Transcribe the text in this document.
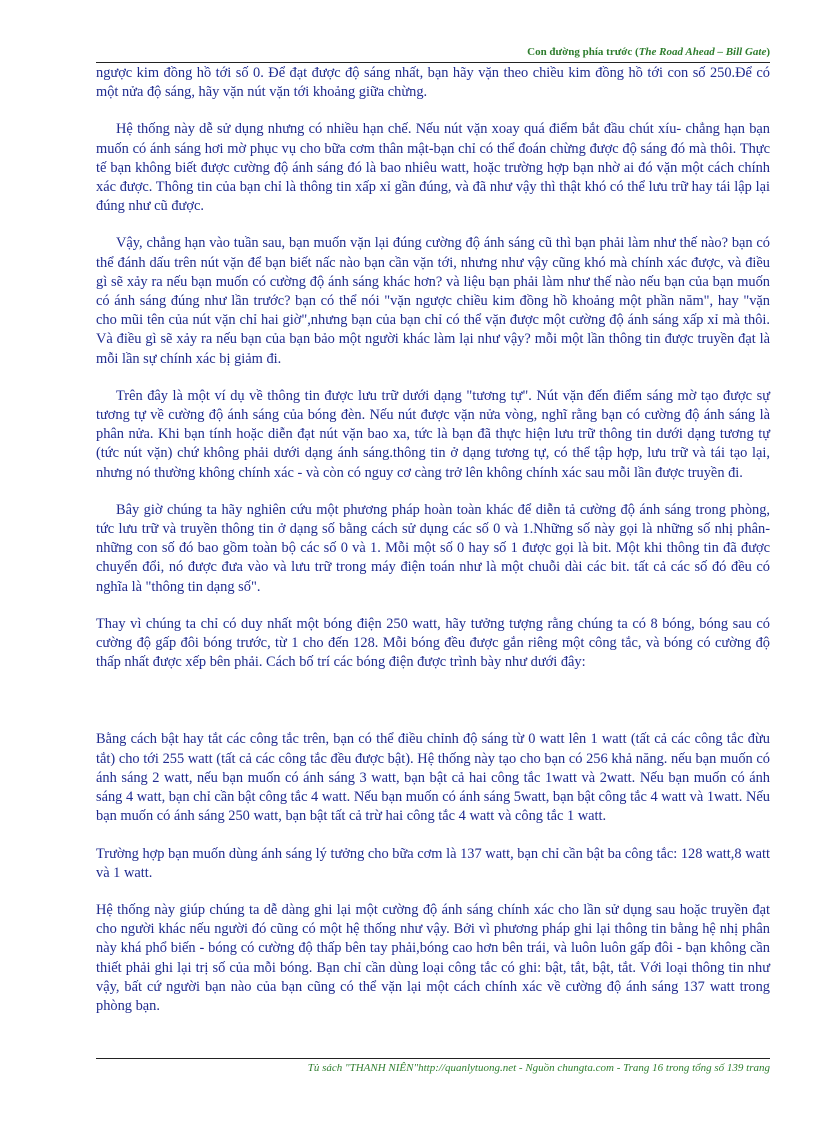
Con đường phía trước (The Road Ahead – Bill Gate)

ngược kim đồng hồ tới số 0. Để đạt được độ sáng nhất, bạn hãy vặn theo chiều kim đồng hồ tới con số 250.Để có một nửa độ sáng, hãy vặn nút vặn tới khoảng giữa chừng.

Hệ thống này dễ sử dụng nhưng có nhiều hạn chế. Nếu nút vặn xoay quá điểm bắt đầu chút xíu- chẳng hạn bạn muốn có ánh sáng hơi mờ phục vụ cho bữa cơm thân mật-bạn chỉ có thể đoán chừng được độ sáng đó mà thôi. Thực tế bạn không biết được cường độ ánh sáng đó là bao nhiêu watt, hoặc trường hợp bạn nhờ ai đó vặn một cách chính xác được. Thông tin của bạn chỉ là thông tin xấp xỉ gần đúng, và đã như vậy thì thật khó có thể lưu trữ hay tái lập lại đúng như cũ được.

Vậy, chẳng hạn vào tuần sau, bạn muốn vặn lại đúng cường độ ánh sáng cũ thì bạn phải làm như thế nào? bạn có thể đánh dấu trên nút vặn để bạn biết nấc nào bạn cần vặn tới, nhưng như vậy cũng khó mà chính xác được, và điều gì sẽ xảy ra nếu bạn muốn có cường độ ánh sáng khác hơn? và liệu bạn phải làm như thế nào nếu bạn của bạn muốn có ánh sáng đúng như lần trước? bạn có thể nói "vặn ngược chiều kim đồng hồ khoảng một phần năm", hay "vặn cho mũi tên của nút vặn chỉ hai giờ",nhưng bạn của bạn chỉ có thể vặn được một cường độ ánh sáng xấp xỉ mà thôi. Và điều gì sẽ xảy ra nếu bạn của bạn bảo một người khác làm lại như vậy? mỗi một lần thông tin được truyền đạt là mỗi lần sự chính xác bị giảm đi.

Trên đây là một ví dụ về thông tin được lưu trữ dưới dạng "tương tự". Nút vặn đến điểm sáng mờ tạo được sự tương tự về cường độ ánh sáng của bóng đèn. Nếu nút được vặn nửa vòng, nghĩ rằng bạn có cường độ ánh sáng là phân nửa. Khi bạn tính hoặc diễn đạt nút vặn bao xa, tức là bạn đã thực hiện lưu trữ thông tin dưới dạng tương tự (tức nút vặn) chứ không phải dưới dạng ánh sáng.thông tin ở dạng tương tự, có thể tập hợp, lưu trữ và tái tạo lại, nhưng nó thường không chính xác - và còn có nguy cơ càng trở lên không chính xác sau mỗi lần được truyền đi.

Bây giờ chúng ta hãy nghiên cứu một phương pháp hoàn toàn khác để diễn tả cường độ ánh sáng trong phòng, tức lưu trữ và truyền thông tin ở dạng số bằng cách sử dụng các số 0 và 1.Những số này gọi là những số nhị phân-những con số đó bao gồm toàn bộ các số 0 và 1. Mỗi một số 0 hay số 1 được gọi là bit. Một khi thông tin đã được chuyển đổi, nó được đưa vào và lưu trữ trong máy điện toán như là một chuỗi dài các bit. tất cả các số đó đều có nghĩa là "thông tin dạng số".

Thay vì chúng ta chỉ có duy nhất một bóng điện 250 watt, hãy tưởng tượng rằng chúng ta có 8 bóng, bóng sau có cường độ gấp đôi bóng trước, từ 1 cho đến 128. Mỗi bóng đều được gắn riêng một công tắc, và bóng có cường độ thấp nhất được xếp bên phải. Cách bố trí các bóng điện được trình bày như dưới đây:

Bằng cách bật hay tắt các công tắc trên, bạn có thể điều chỉnh độ sáng từ 0 watt lên 1 watt (tất cả các công tắc đừu tắt) cho tới 255 watt (tất cả các công tắc đều được bật). Hệ thống này tạo cho bạn có 256 khả năng. nếu bạn muốn có ánh sáng 2 watt, nếu bạn muốn có ánh sáng 3 watt, bạn bật cả hai công tắc 1watt và 2watt. Nếu bạn muốn có ánh sáng 4 watt, bạn chỉ cần bật công tắc 4 watt. Nếu bạn muốn có ánh sáng 5watt, bạn bật công tắc 4 watt và 1watt. Nếu bạn muốn có ánh sáng 250 watt, bạn bật tất cả trừ hai công tắc 4 watt và công tắc 1 watt.

Trường hợp bạn muốn dùng ánh sáng lý tưởng cho bữa cơm là 137 watt, bạn chỉ cần bật ba công tắc: 128 watt,8 watt và 1 watt.

Hệ thống này giúp chúng ta dễ dàng ghi lại một cường độ ánh sáng chính xác cho lần sử dụng sau hoặc truyền đạt cho người khác nếu người đó cũng có một hệ thống như vậy. Bởi vì phương pháp ghi lại thông tin bằng hệ nhị phân này khá phổ biến - bóng có cường độ thấp bên tay phải,bóng cao hơn bên trái, và luôn luôn gấp đôi - bạn không cần thiết phải ghi lại trị số của mỗi bóng. Bạn chỉ cần dùng loại công tắc có ghi: bật, tắt, bật, tắt. Với loại thông tin như vậy, bất cứ người bạn nào của bạn cũng có thể vặn lại một cách chính xác về cường độ ánh sáng 137 watt trong phòng bạn.

Tủ sách "THANH NIÊN"http://quanlytuong.net - Nguồn chungta.com - Trang 16 trong tổng số 139 trang
